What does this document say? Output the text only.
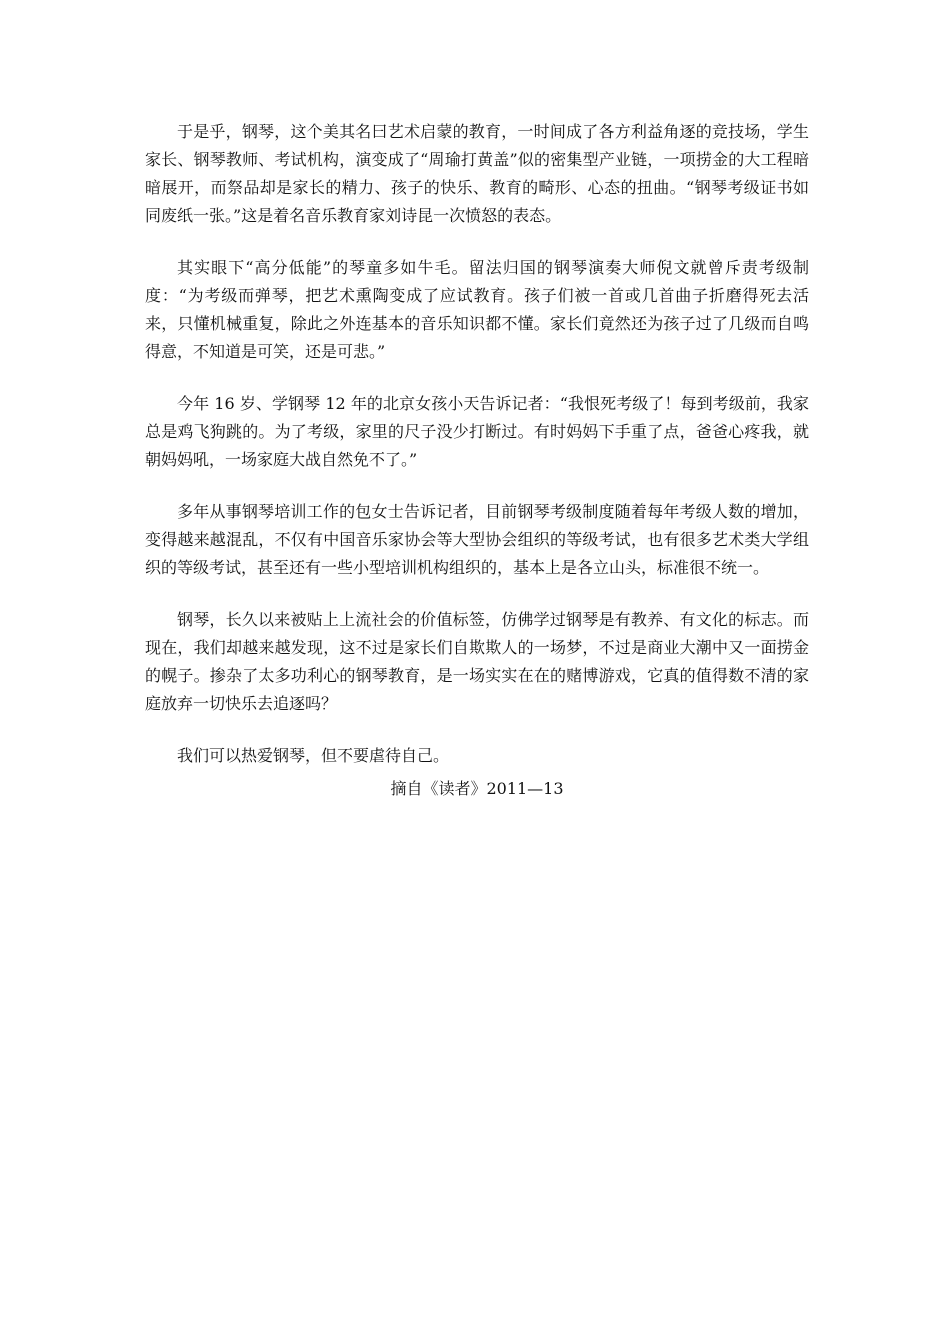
于是乎，钢琴，这个美其名曰艺术启蒙的教育，一时间成了各方利益角逐的竞技场，学生家长、钢琴教师、考试机构，演变成了“周瑜打黄盖”似的密集型产业链，一项捞金的大工程暗暗展开，而祭品却是家长的精力、孩子的快乐、教育的畸形、心态的扭曲。“钢琴考级证书如同废纸一张。”这是着名音乐教育家刘诗昆一次愤怒的表态。

其实眼下“高分低能”的琴童多如牛毛。留法归国的钢琴演奏大师倪文就曾斥责考级制度：“为考级而弹琴，把艺术熏陶变成了应试教育。孩子们被一首或几首曲子折磨得死去活来，只懂机械重复，除此之外连基本的音乐知识都不懂。家长们竟然还为孩子过了几级而自鸣得意，不知道是可笑，还是可悲。”

今年 16 岁、学钢琴 12 年的北京女孩小天告诉记者：“我恨死考级了！每到考级前，我家总是鸡飞狗跳的。为了考级，家里的尺子没少打断过。有时妈妈下手重了点，爸爸心疼我，就朝妈妈吼，一场家庭大战自然免不了。”

多年从事钢琴培训工作的包女士告诉记者，目前钢琴考级制度随着每年考级人数的增加，变得越来越混乱，不仅有中国音乐家协会等大型协会组织的等级考试，也有很多艺术类大学组织的等级考试，甚至还有一些小型培训机构组织的，基本上是各立山头，标准很不统一。

钢琴，长久以来被贴上上流社会的价值标签，仿佛学过钢琴是有教养、有文化的标志。而现在，我们却越来越发现，这不过是家长们自欺欺人的一场梦，不过是商业大潮中又一面捞金的幌子。掺杂了太多功利心的钢琴教育，是一场实实在在的赌博游戏，它真的值得数不清的家庭放弃一切快乐去追逐吗？

我们可以热爱钢琴，但不要虐待自己。

摘自《读者》2011—13
